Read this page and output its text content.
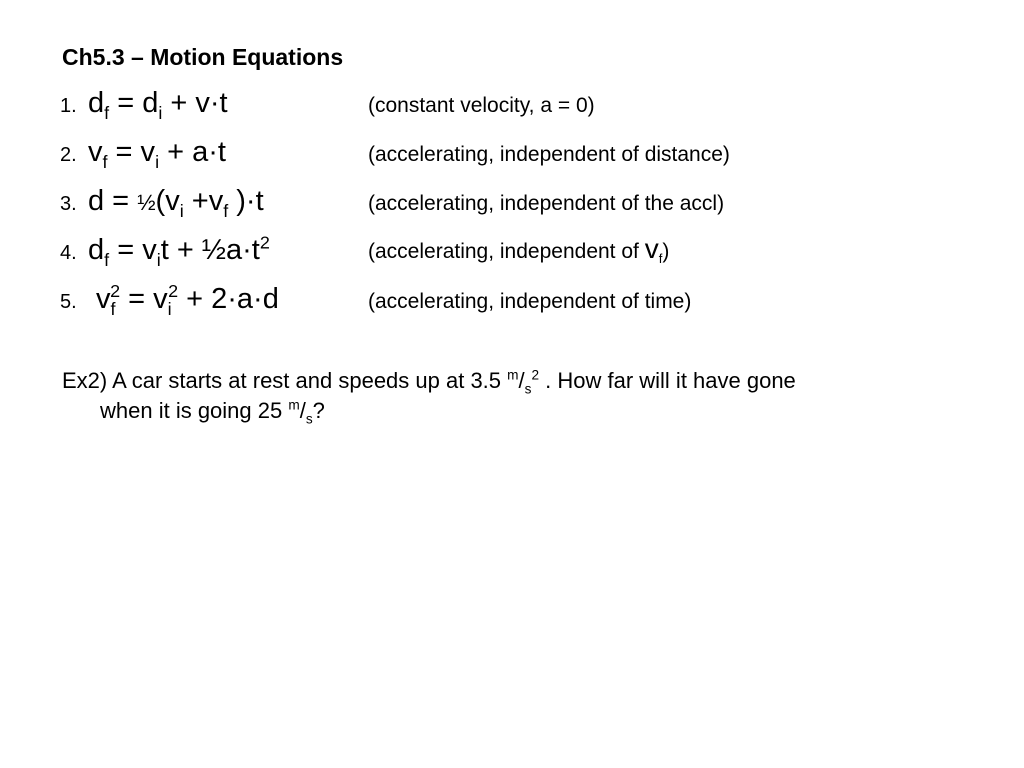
Ch5.3 – Motion Equations
1. $d_f = d_i + v\cdot t$	(constant velocity, a = 0)
2. $v_f = v_i + a\cdot t$	(accelerating, independent of distance)
3. $d = \frac{1}{2}(v_i +v_f$ )·t	(accelerating, independent of the accl)
4. $d_f = v_it$ + $\frac{1}{2}a\cdot t^2$	(accelerating, independent of $v_f$)
5. $v_f^2 = v_i^2 + 2\cdot a\cdot d$	(accelerating, independent of time)
Ex2) A car starts at rest and speeds up at 3.5 $^m/_s^2$ . How far will it have gone
when it is going 25 $^m/_s$?
